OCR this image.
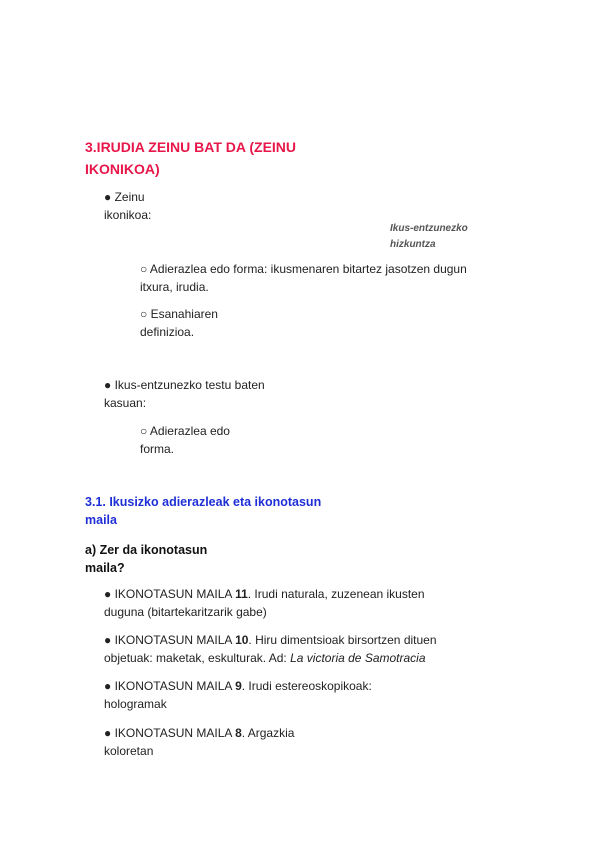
3.IRUDIA ZEINU BAT DA (ZEINU
IKONIKOA)
● Zeinu
ikonikoa:
Ikus-entzunezko
hizkuntza
○ Adierazlea edo forma: ikusmenaren bitartez jasotzen dugun
itxura, irudia.
○ Esanahiaren
definizioa.
● Ikus-entzunezko testu baten
kasuan:
○ Adierazlea edo
forma.
3.1. Ikusizko adierazleak eta ikonotasun
maila
a) Zer da ikonotasun
maila?
● IKONOTASUN MAILA 11. Irudi naturala, zuzenean ikusten
duguna (bitartekaritzarik gabe)
● IKONOTASUN MAILA 10. Hiru dimentsioak birsortzen dituen
objetuak: maketak, eskulturak. Ad: La victoria de Samotracia
● IKONOTASUN MAILA 9. Irudi estereoskopikoak:
hologramak
● IKONOTASUN MAILA 8. Argazkia
koloretan
